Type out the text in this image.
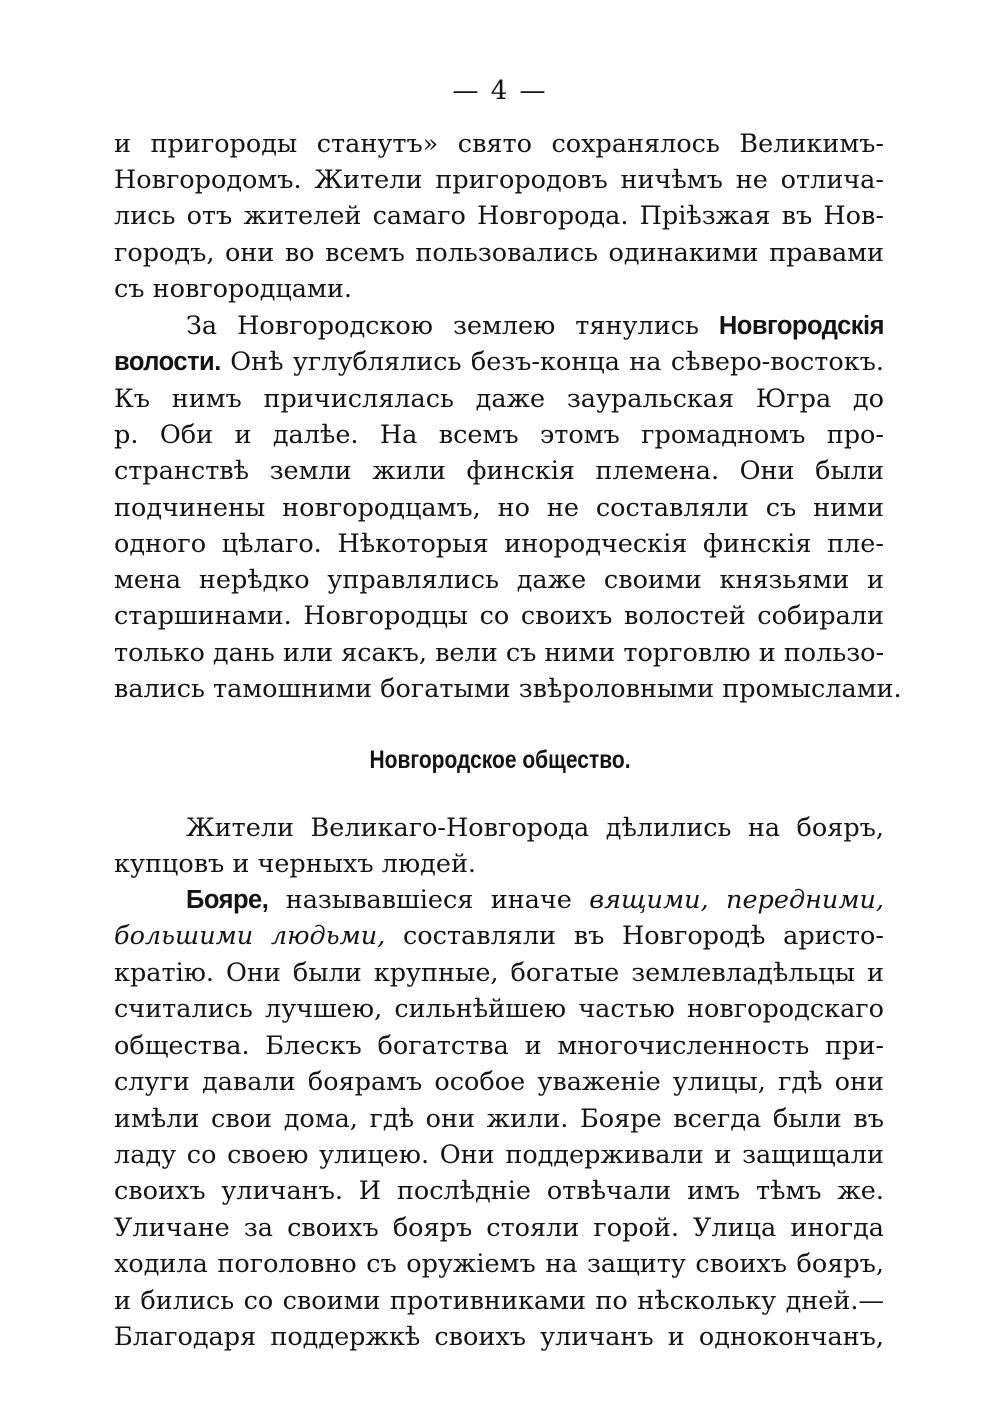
— 4 —
и пригороды станутъ» свято сохранялось Великимъ-
Новгородомъ. Жители пригородовъ ничѣмъ не отлича-
лись отъ жителей самаго Новгорода. Пріѣзжая въ Нов-
городъ, они во всемъ пользовались одинакими правами
съ новгородцами.
За Новгородскою землею тянулись Новгородскія
волости. Онѣ углублялись безъ-конца на сѣверо-востокъ.
Къ нимъ причислялась даже зауральская Югра до
р. Оби и далѣе. На всемъ этомъ громадномъ про-
странствѣ земли жили финскія племена. Они были
подчинены новгородцамъ, но не составляли съ ними
одного цѣлаго. Нѣкоторыя инородческія финскія пле-
мена нерѣдко управлялись даже своими князьями и
старшинами. Новгородцы со своихъ волостей собирали
только дань или ясакъ, вели съ ними торговлю и пользо-
вались тамошними богатыми звѣроловными промыслами.
Новгородское общество.
Жители Великаго-Новгорода дѣлились на бояръ,
купцовъ и черныхъ людей.
Бояре, называвшіеся иначе вящими, передними,
большими людьми, составляли въ Новгородѣ аристо-
кратію. Они были крупные, богатые землевладѣльцы и
считались лучшею, сильнѣйшею частью новгородскаго
общества. Блескъ богатства и многочисленность при-
слуги давали боярамъ особое уваженіе улицы, гдѣ они
имѣли свои дома, гдѣ они жили. Бояре всегда были въ
ладу со своею улицею. Они поддерживали и защищали
своихъ уличанъ. И послѣдніе отвѣчали имъ тѣмъ же.
Уличане за своихъ бояръ стояли горой. Улица иногда
ходила поголовно съ оружіемъ на защиту своихъ бояръ,
и бились со своими противниками по нѣскольку дней.—
Благодаря поддержкѣ своихъ уличанъ и однокончанъ,
